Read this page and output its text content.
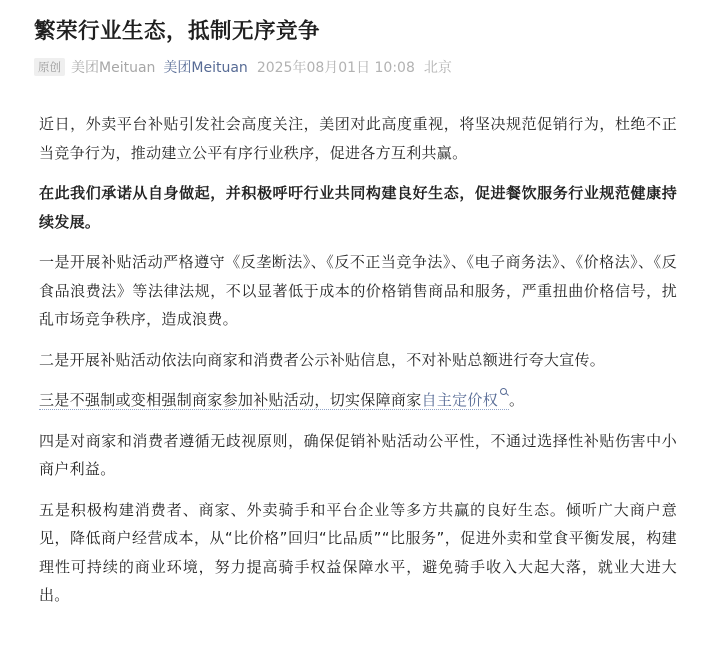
繁荣行业生态，抵制无序竞争
原创 美团Meituan 美团Meituan 2025年08月01日 10:08 北京

近日，外卖平台补贴引发社会高度关注，美团对此高度重视，将坚决规范促销行为，杜绝不正当竞争行为，推动建立公平有序行业秩序，促进各方互利共赢。

在此我们承诺从自身做起，并积极呼吁行业共同构建良好生态，促进餐饮服务行业规范健康持续发展。

一是开展补贴活动严格遵守《反垄断法》、《反不正当竞争法》、《电子商务法》、《价格法》、《反食品浪费法》等法律法规，不以显著低于成本的价格销售商品和服务，严重扭曲价格信号，扰乱市场竞争秩序，造成浪费。

二是开展补贴活动依法向商家和消费者公示补贴信息，不对补贴总额进行夸大宣传。

三是不强制或变相强制商家参加补贴活动，切实保障商家自主定价权 。

四是对商家和消费者遵循无歧视原则，确保促销补贴活动公平性，不通过选择性补贴伤害中小商户利益。

五是积极构建消费者、商家、外卖骑手和平台企业等多方共赢的良好生态。倾听广大商户意见，降低商户经营成本，从“比价格”回归“比品质”“比服务”，促进外卖和堂食平衡发展，构建理性可持续的商业环境，努力提高骑手权益保障水平，避免骑手收入大起大落，就业大进大出。
